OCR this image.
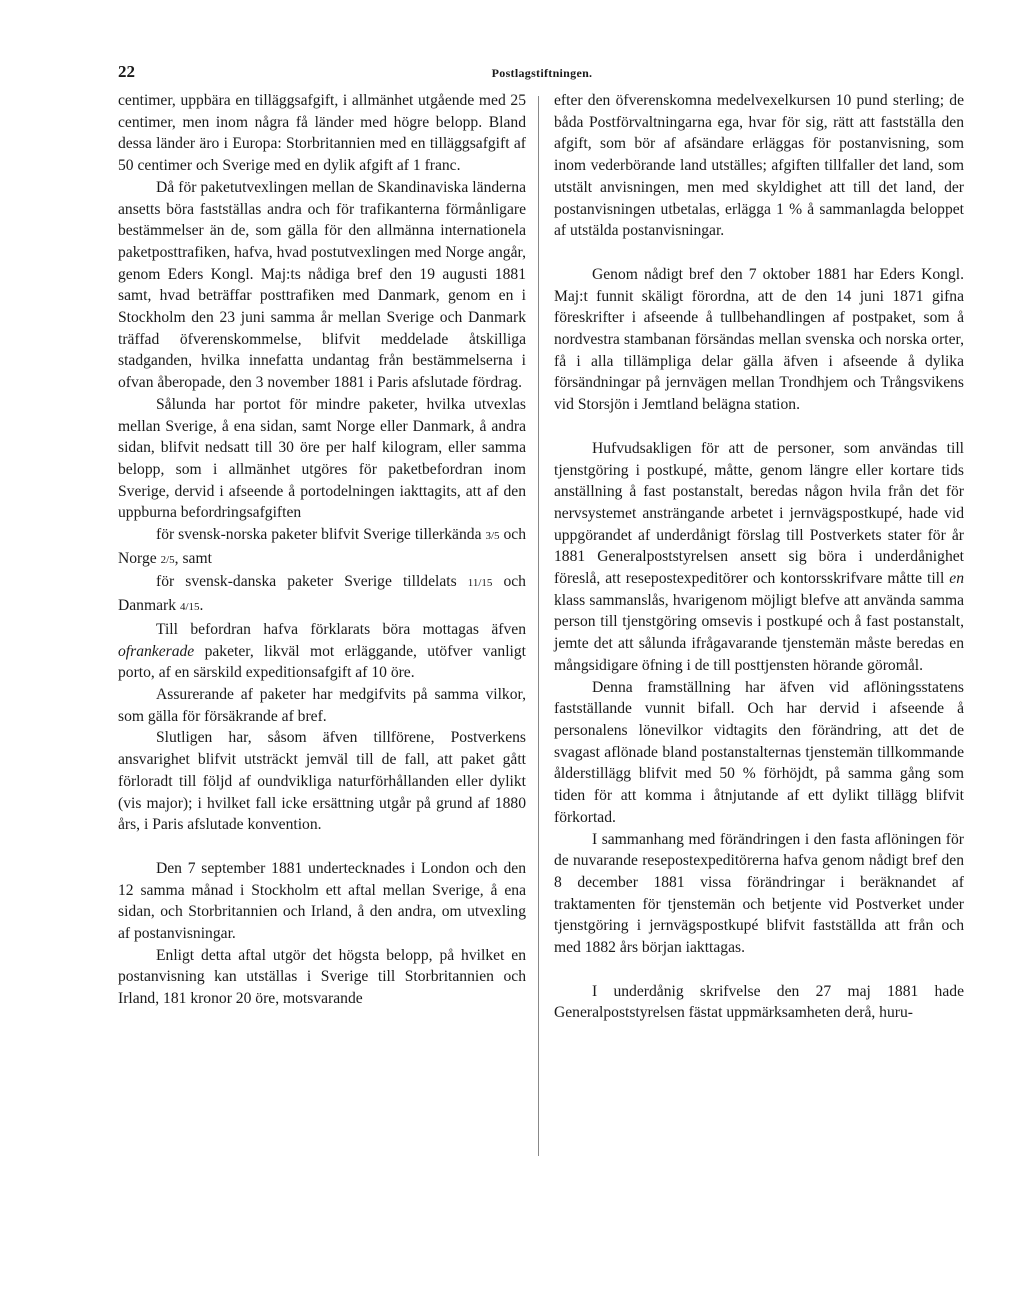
22	Postlagstiftningen.

centimer, uppbära en tilläggsafgift, i allmänhet utgående med 25 centimer, men inom några få länder med högre belopp. Bland dessa länder äro i Europa: Storbritannien med en tilläggsafgift af 50 centimer och Sverige med en dylik afgift af 1 franc.

Då för paketutvexlingen mellan de Skandinaviska länderna ansetts böra fastställas andra och för trafikanterna förmånligare bestämmelser än de, som gälla för den allmänna internationela paketposttrafiken, hafva, hvad postutvexlingen med Norge angår, genom Eders Kongl. Maj:ts nådiga bref den 19 augusti 1881 samt, hvad beträffar posttrafiken med Danmark, genom en i Stockholm den 23 juni samma år mellan Sverige och Danmark träffad öfverenskommelse, blifvit meddelade åtskilliga stadganden, hvilka innefatta undantag från bestämmelserna i ofvan åberopade, den 3 november 1881 i Paris afslutade fördrag.

Sålunda har portot för mindre paketer, hvilka utvexlas mellan Sverige, å ena sidan, samt Norge eller Danmark, å andra sidan, blifvit nedsatt till 30 öre per half kilogram, eller samma belopp, som i allmänhet utgöres för paketbefordran inom Sverige, dervid i afseende å portodelningen iakttagits, att af den uppburna befordringsafgiften

för svensk-norska paketer blifvit Sverige tillerkända 3/5 och Norge 2/5, samt

för svensk-danska paketer Sverige tilldelats 11/15 och Danmark 4/15.

Till befordran hafva förklarats böra mottagas äfven ofrankerade paketer, likväl mot erläggande, utöfver vanligt porto, af en särskild expeditionsafgift af 10 öre.

Assurerande af paketer har medgifvits på samma vilkor, som gälla för försäkrande af bref.

Slutligen har, såsom äfven tillförene, Postverkens ansvarighet blifvit utsträckt jemväl till de fall, att paket gått förloradt till följd af oundvikliga naturförhållanden eller dylikt (vis major); i hvilket fall icke ersättning utgår på grund af 1880 års, i Paris afslutade konvention.

Den 7 september 1881 undertecknades i London och den 12 samma månad i Stockholm ett aftal mellan Sverige, å ena sidan, och Storbritannien och Irland, å den andra, om utvexling af postanvisningar.

Enligt detta aftal utgör det högsta belopp, på hvilket en postanvisning kan utställas i Sverige till Storbritannien och Irland, 181 kronor 20 öre, motsvarande

efter den öfverenskomna medelvexelkursen 10 pund sterling; de båda Postförvaltningarna ega, hvar för sig, rätt att fastställa den afgift, som bör af afsändare erläggas för postanvisning, som inom vederbörande land utställes; afgiften tillfaller det land, som utstält anvisningen, men med skyldighet att till det land, der postanvisningen utbetalas, erlägga 1 % å sammanlagda beloppet af utstälda postanvisningar.

Genom nådigt bref den 7 oktober 1881 har Eders Kongl. Maj:t funnit skäligt förordna, att de den 14 juni 1871 gifna föreskrifter i afseende å tullbehandlingen af postpaket, som å nordvestra stambanan försändas mellan svenska och norska orter, få i alla tillämpliga delar gälla äfven i afseende å dylika försändningar på jernvägen mellan Trondhjem och Trångsvikens vid Storsjön i Jemtland belägna station.

Hufvudsakligen för att de personer, som användas till tjenstgöring i postkupé, måtte, genom längre eller kortare tids anställning å fast postanstalt, beredas någon hvila från det för nervsystemet ansträngande arbetet i jernvägspostkupé, hade vid uppgörandet af underdånigt förslag till Postverkets stater för år 1881 Generalpoststyrelsen ansett sig böra i underdånighet föreslå, att resepostexpeditörer och kontorsskrifvare måtte till en klass sammanslås, hvarigenom möjligt blefve att använda samma person till tjenstgöring omsevis i postkupé och å fast postanstalt, jemte det att sålunda ifrågavarande tjenstemän måste beredas en mångsidigare öfning i de till posttjensten hörande göromål.

Denna framställning har äfven vid aflöningsstatens fastställande vunnit bifall. Och har dervid i afseende å personalens lönevilkor vidtagits den förändring, att det de svagast aflönade bland postanstalternas tjenstemän tillkommande ålderstillägg blifvit med 50 % förhöjdt, på samma gång som tiden för att komma i åtnjutande af ett dylikt tillägg blifvit förkortad.

I sammanhang med förändringen i den fasta aflöningen för de nuvarande resepostexpeditörerna hafva genom nådigt bref den 8 december 1881 vissa förändringar i beräknandet af traktamenten för tjenstemän och betjente vid Postverket under tjenstgöring i jernvägspostkupé blifvit fastställda att från och med 1882 års början iakttagas.

I underdånig skrifvelse den 27 maj 1881 hade Generalpoststyrelsen fästat uppmärksamheten derå, huru-
